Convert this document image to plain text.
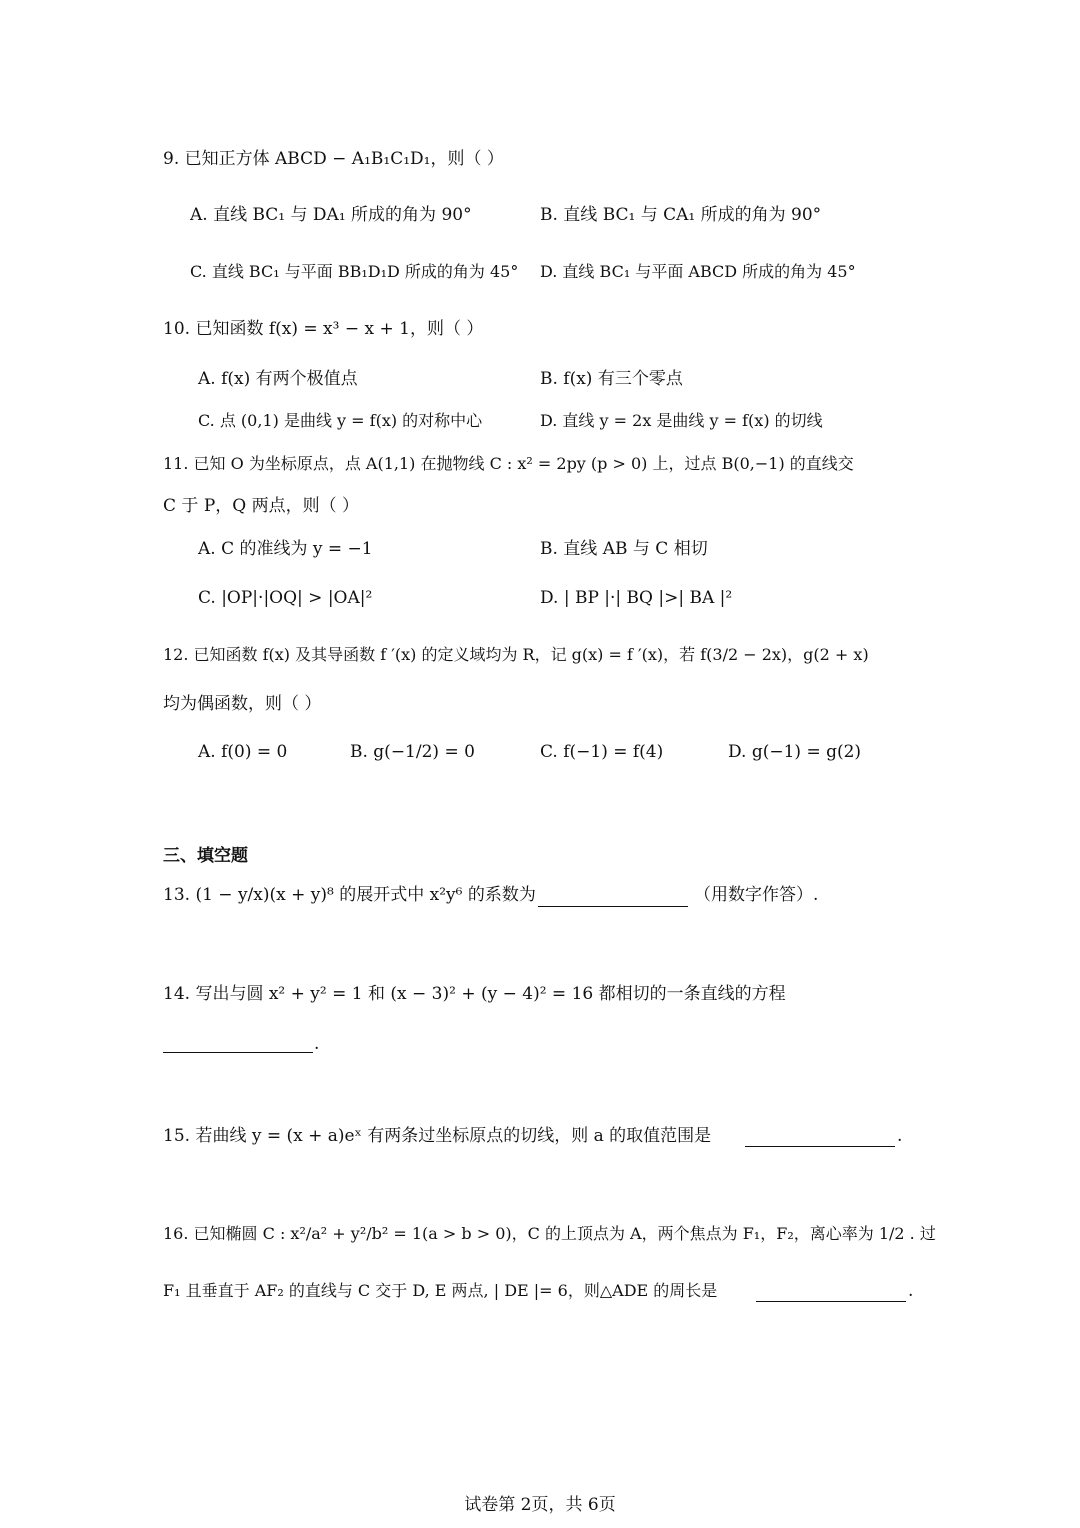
9. 已知正方体 ABCD − A₁B₁C₁D₁，则（ ）
A. 直线 BC₁ 与 DA₁ 所成的角为 90°	B. 直线 BC₁ 与 CA₁ 所成的角为 90°
C. 直线 BC₁ 与平面 BB₁D₁D 所成的角为 45° D. 直线 BC₁ 与平面 ABCD 所成的角为 45°
10. 已知函数 f(x) = x³ − x + 1，则（ ）
A. f(x) 有两个极值点	B. f(x) 有三个零点
C. 点 (0,1) 是曲线 y = f(x) 的对称中心	D. 直线 y = 2x 是曲线 y = f(x) 的切线
11. 已知 O 为坐标原点，点 A(1,1) 在抛物线 C : x² = 2py (p > 0) 上，过点 B(0,−1) 的直线交
C 于 P，Q 两点，则（ ）
A. C 的准线为 y = −1	B. 直线 AB 与 C 相切
C. |OP|·|OQ| > |OA|²	D. | BP |·| BQ |>| BA |²
12. 已知函数 f(x) 及其导函数 f ′(x) 的定义域均为 R，记 g(x) = f ′(x)，若 f(3/2 − 2x)，g(2 + x)
均为偶函数，则（ ）
A. f(0) = 0	B. g(−1/2) = 0	C. f(−1) = f(4)	D. g(−1) = g(2)
三、填空题
13. (1 − y/x)(x + y)⁸ 的展开式中 x²y⁶ 的系数为	（用数字作答）.
14. 写出与圆 x² + y² = 1 和 (x − 3)² + (y − 4)² = 16 都相切的一条直线的方程
.
15. 若曲线 y = (x + a)eˣ 有两条过坐标原点的切线，则 a 的取值范围是	.
16. 已知椭圆 C : x²/a² + y²/b² = 1(a > b > 0)，C 的上顶点为 A，两个焦点为 F₁，F₂，离心率为 1/2 . 过
F₁ 且垂直于 AF₂ 的直线与 C 交于 D, E 两点, | DE |= 6，则△ADE 的周长是	.
试卷第 2页，共 6页
